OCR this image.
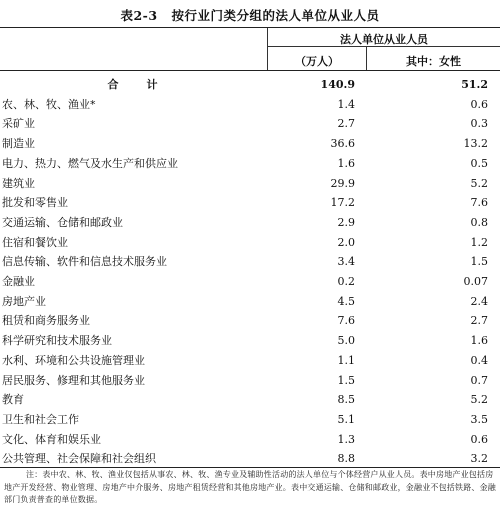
表2-3 按行业门类分组的法人单位从业人员
法人单位从业人员
（万人）	其中：女性
合　　计	140.9	51.2
农、林、牧、渔业*	1.4	0.6
采矿业	2.7	0.3
制造业	36.6	13.2
电力、热力、燃气及水生产和供应业	1.6	0.5
建筑业	29.9	5.2
批发和零售业	17.2	7.6
交通运输、仓储和邮政业	2.9	0.8
住宿和餐饮业	2.0	1.2
信息传输、软件和信息技术服务业	3.4	1.5
金融业	0.2	0.07
房地产业	4.5	2.4
租赁和商务服务业	7.6	2.7
科学研究和技术服务业	5.0	1.6
水利、环境和公共设施管理业	1.1	0.4
居民服务、修理和其他服务业	1.5	0.7
教育	8.5	5.2
卫生和社会工作	5.1	3.5
文化、体育和娱乐业	1.3	0.6
公共管理、社会保障和社会组织	8.8	3.2
注：表中农、林、牧、渔业仅包括从事农、林、牧、渔专业及辅助性活动的法人单位与个体经营户从业人员。表中房地产业包括房地产开发经营、物业管理、房地产中介服务、房地产租赁经营和其他房地产业。表中交通运输、仓储和邮政业，金融业不包括铁路、金融部门负责普查的单位数据。
